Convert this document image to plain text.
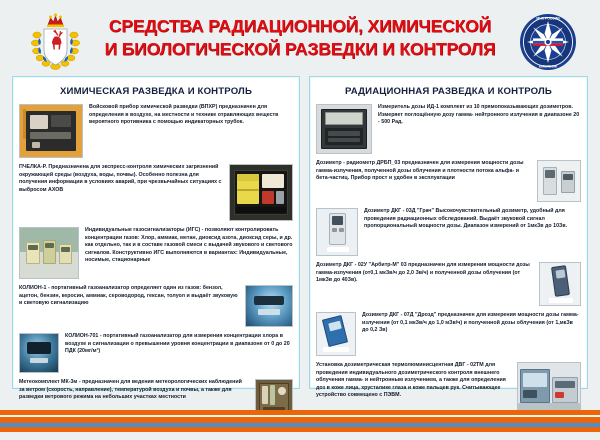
СРЕДСТВА РАДИАЦИОННОЙ, ХИМИЧЕСКОЙ
И БИОЛОГИЧЕСКОЙ РАЗВЕДКИ И КОНТРОЛЯ
МЧС РОССИИ
EMERCOM
ХИМИЧЕСКАЯ РАЗВЕДКА И КОНТРОЛЬ
Войсковой прибор химической разведки (ВПХР) предназначен для определения в воздухе, на местности и технике отравляющих веществ вероятного противника с помощью индикаторных трубок.
ПЧЕЛКА-Р. Предназначена для экспресс-контроля химических загрязнений окружающей среды (воздуха, воды, почвы). Особенно полезна для получения информации в условиях аварий, при чрезвычайных ситуациях с выбросом АХОВ
Индивидуальные газосигнализаторы (ИГС) - позволяют контролировать концентрации газов: Хлор, аммиак, метан, диоксид азота, диоксид серы, и др. как отдельно, так и в составе газовой смеси с выдачей звукового и светового сигналов. Конструктивно ИГС выполняются в вариантах: Индивидуальные, носимые, стационарные
КОЛИОН-1 - портативный газоанализатор определяет один из газов: бензол, ацетон, бензин, керосин, аммиак, сероводород, гексан, толуол и выдаёт звуковую и световую сигнализацию
КОЛИОН-701 - портативный газоанализатор для измерения концентрации хлора в воздухе и сигнализации о превышении уровня концентрации в диапазоне от 0 до 20 ПДК (20мг/м³)
Метеокомплект МК-3м - предназначен для ведения метеорологических наблюдений за ветром (скорость, направление), температурой воздуха и почвы, а также для разведки ветрового режима на небольших участках местности
РАДИАЦИОННАЯ РАЗВЕДКА И КОНТРОЛЬ
Измеритель дозы ИД-1 комплект из 10 прямопоказывающих дозиметров. Измеряет поглощённую дозу гамма- нейтронного излучения в диапазоне 20 - 500 Рад.
Дозиметр - радиометр ДРБП_03 предназначен для измерения мощности дозы гамма-излучения, полученной дозы облучения и плотности потока альфа- и бета-частиц. Прибор прост и удобен в эксплуатации
Дозиметр ДКГ - 03Д "Грач" Высокочувствительный дозиметр, удобный для проведения радиационных обследований. Выдаёт звуковой сигнал пропорциональный мощности дозы. Диапазон измерений от 1мкЗв до 10Зв.
Дозиметр ДКГ - 02У "Арбитр-М" 03 предназначен для измерения мощности дозы гамма-излучения (от0,1 мкЗв/ч до 2,0 Зв/ч) и полученной дозы облучения (от 1мкЗв до 40Зв).
Дозиметр ДКГ - 07Д "Дрозд" предназначен для измерения мощности дозы гамма-излучения (от 0,1 мкЗв/ч до 1,0 мЗв/ч) и полученной дозы облучения (от 1,мкЗв до 0,2 Зв)
Установка дозиметрическая термолюминисцентная ДВГ - 02ТМ для проведения индивидуального дозиметрического контроля внешнего облучения гамма- и нейтронным излучением, а также для определения доз в коже лица, хрусталике глаза и коже пальцев рук. Считывающее устройство совмещено с ПЭВМ.
